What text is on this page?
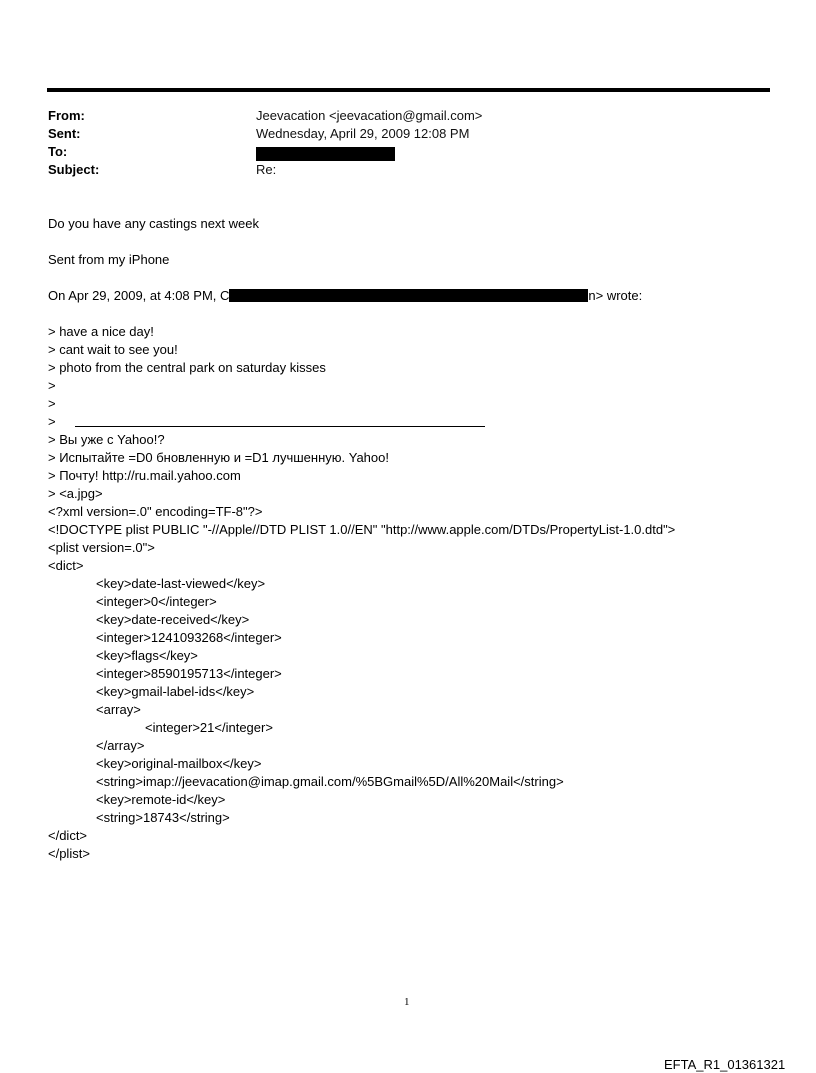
From:	Jeevacation <jeevacation@gmail.com>
Sent:	Wednesday, April 29, 2009 12:08 PM
To:
Subject:	Re:
Do you have any castings next week
Sent from my iPhone
On Apr 29, 2009, at 4:08 PM, C	n> wrote:
> have a nice day!
> cant wait to see you!
> photo from the central park on saturday kisses
>
>
>
> Вы уже с Yahoo!?
> Испытайте =D0 бновленную и =D1 лучшенную. Yahoo!
> Почту! http://ru.mail.yahoo.com
> <a.jpg>
<?xml version=.0" encoding=TF-8"?>
<!DOCTYPE plist PUBLIC "-//Apple//DTD PLIST 1.0//EN" "http://www.apple.com/DTDs/PropertyList-1.0.dtd">
<plist version=.0">
<dict>
<key>date-last-viewed</key>
<integer>0</integer>
<key>date-received</key>
<integer>1241093268</integer>
<key>flags</key>
<integer>8590195713</integer>
<key>gmail-label-ids</key>
<array>
<integer>21</integer>
</array>
<key>original-mailbox</key>
<string>imap://jeevacation@imap.gmail.com/%5BGmail%5D/All%20Mail</string>
<key>remote-id</key>
<string>18743</string>
</dict>
</plist>
1
EFTA_R1_01361321
